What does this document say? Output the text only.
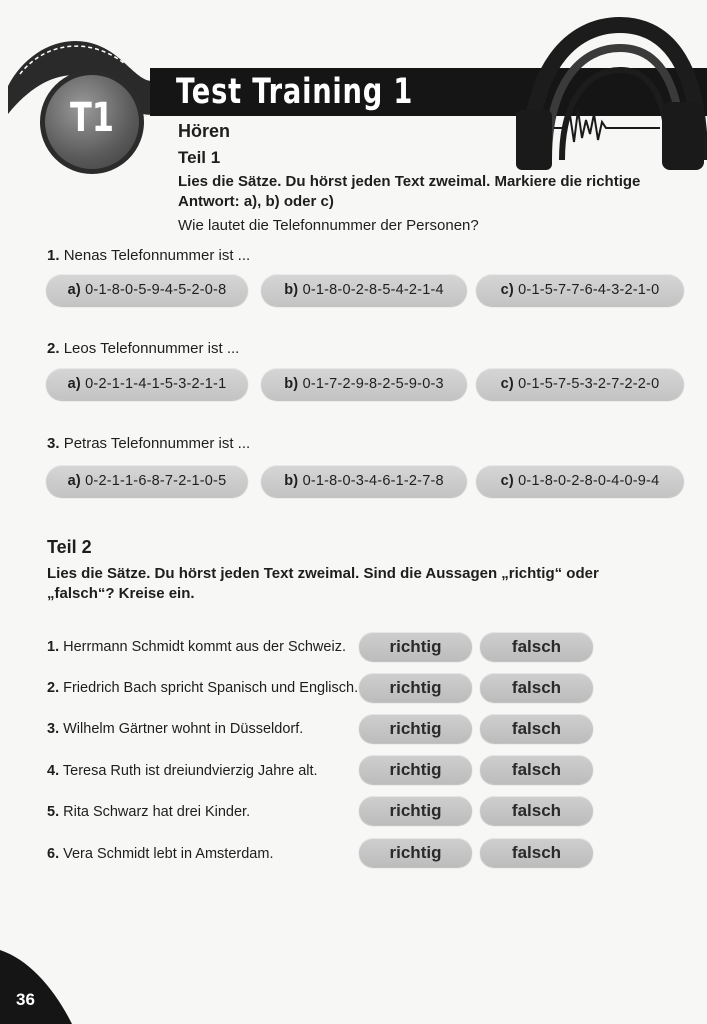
Test Training 1
T1	Hören
Teil 1
Lies die Sätze. Du hörst jeden Text zweimal. Markiere die richtige Antwort: a), b) oder c)
Wie lautet die Telefonnummer der Personen?
1. Nenas Telefonnummer ist ...
a) 0-1-8-0-5-9-4-5-2-0-8	b) 0-1-8-0-2-8-5-4-2-1-4	c) 0-1-5-7-7-6-4-3-2-1-0
2. Leos Telefonnummer ist ...
a) 0-2-1-1-4-1-5-3-2-1-1	b) 0-1-7-2-9-8-2-5-9-0-3	c) 0-1-5-7-5-3-2-7-2-2-0
3. Petras Telefonnummer ist ...
a) 0-2-1-1-6-8-7-2-1-0-5	b) 0-1-8-0-3-4-6-1-2-7-8	c) 0-1-8-0-2-8-0-4-0-9-4
Teil 2
Lies die Sätze. Du hörst jeden Text zweimal. Sind die Aussagen „richtig“ oder „falsch“? Kreise ein.
1. Herrmann Schmidt kommt aus der Schweiz.	richtig	falsch
2. Friedrich Bach spricht Spanisch und Englisch.	richtig	falsch
3. Wilhelm Gärtner wohnt in Düsseldorf.	richtig	falsch
4. Teresa Ruth ist dreiundvierzig Jahre alt.	richtig	falsch
5. Rita Schwarz hat drei Kinder.	richtig	falsch
6. Vera Schmidt lebt in Amsterdam.	richtig	falsch
36
